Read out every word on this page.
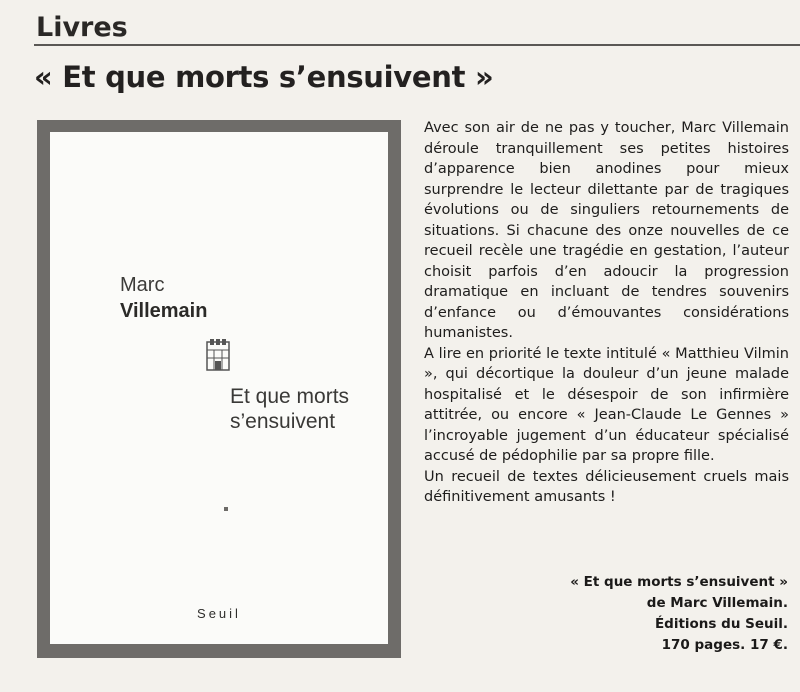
Livres
« Et que morts s’ensuivent »
Marc
Villemain
Et que morts
s’ensuivent
Seuil

Avec son air de ne pas y toucher, Marc Villemain déroule tranquillement ses petites histoires d’apparence bien anodines pour mieux surprendre le lecteur dilettante par de tragiques évolutions ou de singuliers retournements de situations. Si chacune des onze nouvelles de ce recueil recèle une tragédie en gestation, l’auteur choisit parfois d’en adoucir la progression dramatique en incluant de tendres souvenirs d’enfance ou d’émouvantes considérations humanistes.

A lire en priorité le texte intitulé « Matthieu Vilmin », qui décortique la douleur d’un jeune malade hospitalisé et le désespoir de son infirmière attitrée, ou encore « Jean-Claude Le Gennes » l’incroyable jugement d’un éducateur spécialisé accusé de pédophilie par sa propre fille.

Un recueil de textes délicieusement cruels mais définitivement amusants !

« Et que morts s’ensuivent »
de Marc Villemain.
Éditions du Seuil.
170 pages. 17 €.
